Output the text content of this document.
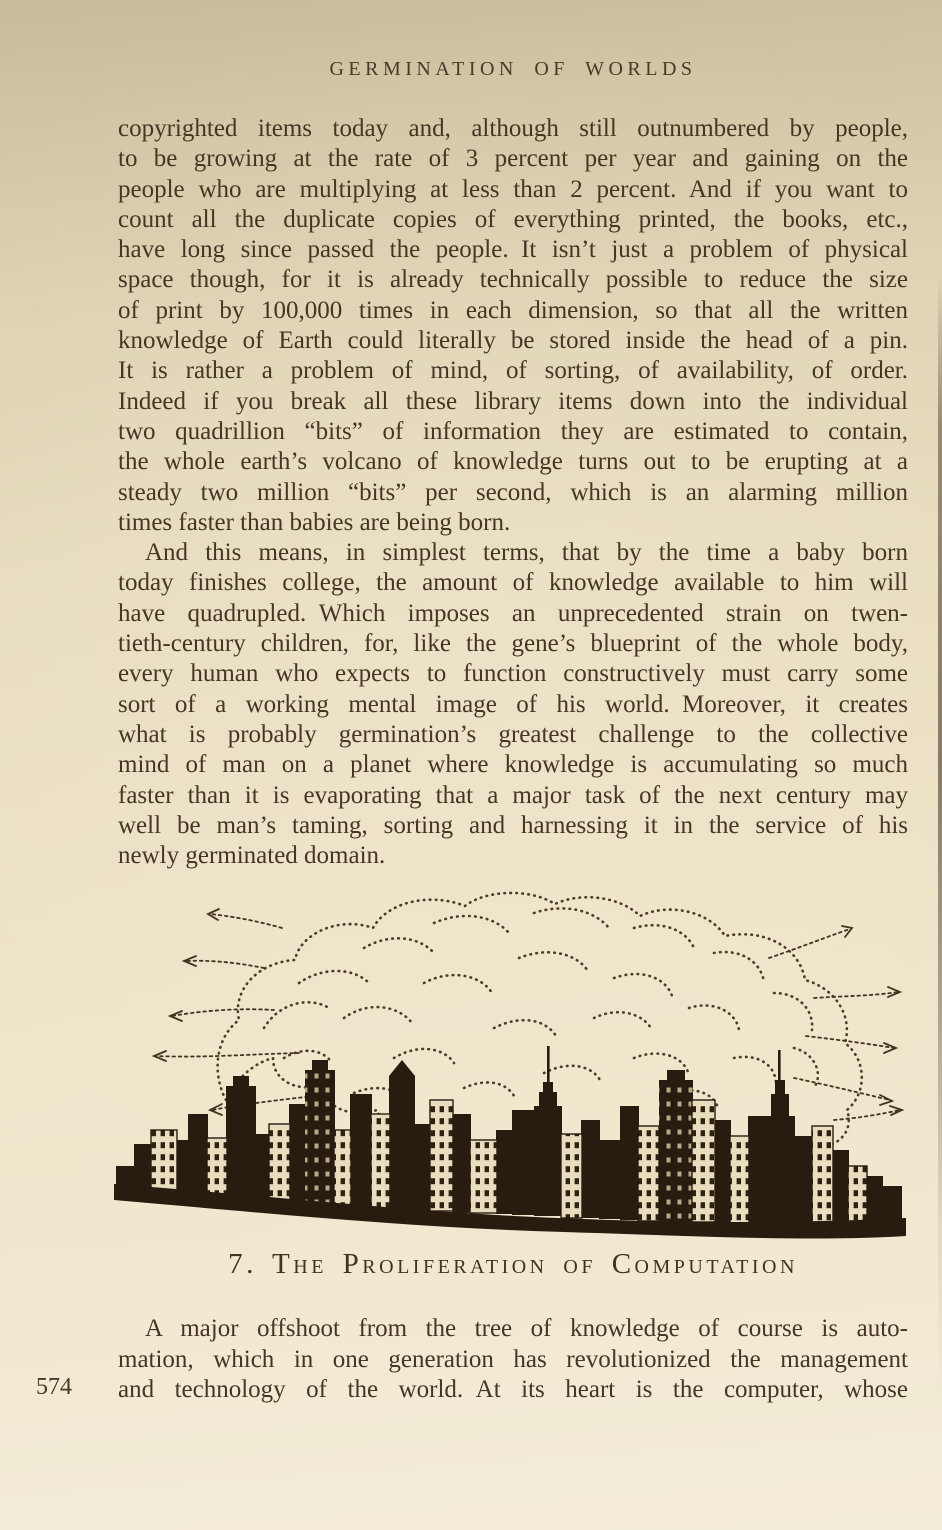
GERMINATION OF WORLDS
copyrighted items today and, although still outnumbered by people,
to be growing at the rate of 3 percent per year and gaining on the
people who are multiplying at less than 2 percent. And if you want to
count all the duplicate copies of everything printed, the books, etc.,
have long since passed the people. It isn’t just a problem of physical
space though, for it is already technically possible to reduce the size
of print by 100,000 times in each dimension, so that all the written
knowledge of Earth could literally be stored inside the head of a pin.
It is rather a problem of mind, of sorting, of availability, of order.
Indeed if you break all these library items down into the individual
two quadrillion “bits” of information they are estimated to contain,
the whole earth’s volcano of knowledge turns out to be erupting at a
steady two million “bits” per second, which is an alarming million
times faster than babies are being born.
And this means, in simplest terms, that by the time a baby born
today finishes college, the amount of knowledge available to him will
have quadrupled. Which imposes an unprecedented strain on twen-
tieth-century children, for, like the gene’s blueprint of the whole body,
every human who expects to function constructively must carry some
sort of a working mental image of his world. Moreover, it creates
what is probably germination’s greatest challenge to the collective
mind of man on a planet where knowledge is accumulating so much
faster than it is evaporating that a major task of the next century may
well be man’s taming, sorting and harnessing it in the service of his
newly germinated domain.
7. The Proliferation of Computation
A major offshoot from the tree of knowledge of course is auto-
mation, which in one generation has revolutionized the management
and technology of the world. At its heart is the computer, whose
574
